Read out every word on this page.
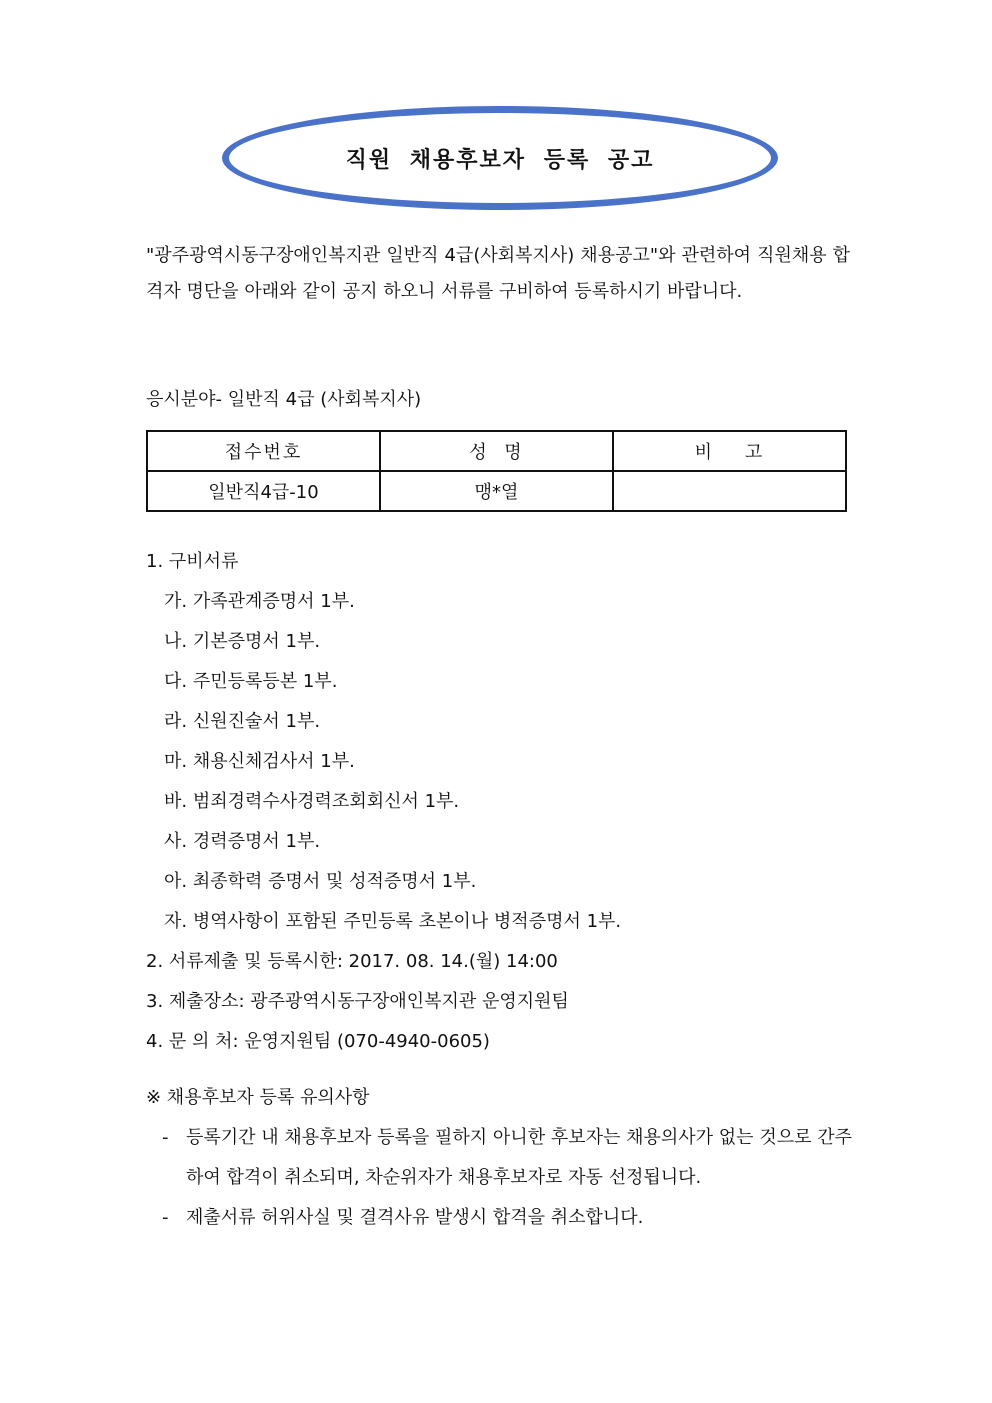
직원 채용후보자 등록 공고

"광주광역시동구장애인복지관 일반직 4급(사회복지사) 채용공고"와 관련하여 직원채용 합격자 명단을 아래와 같이 공지 하오니 서류를 구비하여 등록하시기 바랍니다.

응시분야- 일반직 4급 (사회복지사)
접수번호	성  명	비    고
일반직4급-10	맹*열	
1. 구비서류
가. 가족관계증명서 1부.
나. 기본증명서 1부.
다. 주민등록등본 1부.
라. 신원진술서 1부.
마. 채용신체검사서 1부.
바. 범죄경력수사경력조회회신서 1부.
사. 경력증명서 1부.
아. 최종학력 증명서 및 성적증명서 1부.
자. 병역사항이 포함된 주민등록 초본이나 병적증명서 1부.
2. 서류제출 및 등록시한: 2017. 08. 14.(월) 14:00
3. 제출장소: 광주광역시동구장애인복지관 운영지원팀
4. 문 의 처: 운영지원팀 (070-4940-0605)
※ 채용후보자 등록 유의사항
- 등록기간 내 채용후보자 등록을 필하지 아니한 후보자는 채용의사가 없는 것으로 간주하여 합격이 취소되며, 차순위자가 채용후보자로 자동 선정됩니다.
- 제출서류 허위사실 및 결격사유 발생시 합격을 취소합니다.
